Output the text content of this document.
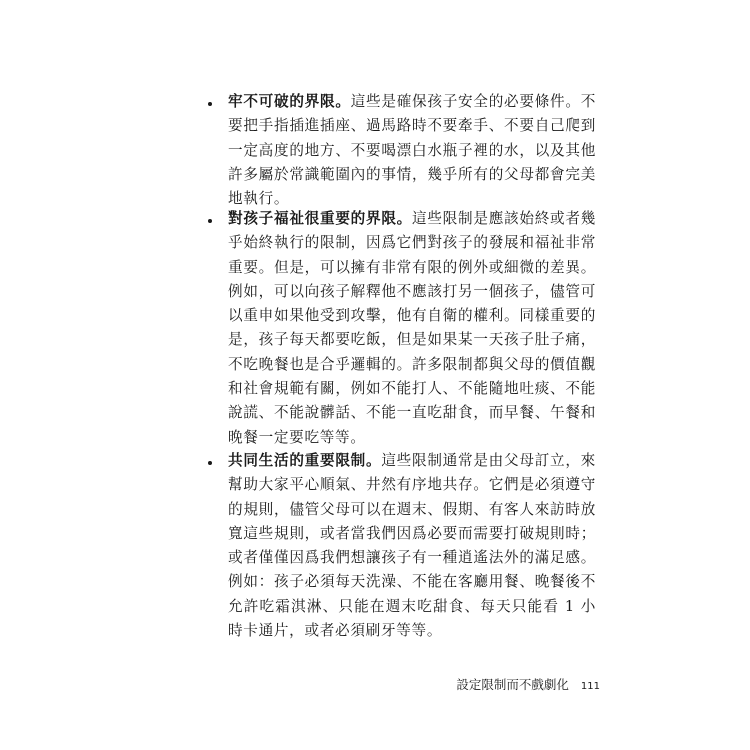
牢不可破的界限。這些是確保孩子安全的必要條件。不要把手指插進插座、過馬路時不要牽手、不要自己爬到一定高度的地方、不要喝漂白水瓶子裡的水，以及其他許多屬於常識範圍內的事情，幾乎所有的父母都會完美地執行。
對孩子福祉很重要的界限。這些限制是應該始終或者幾乎始終執行的限制，因爲它們對孩子的發展和福祉非常重要。但是，可以擁有非常有限的例外或細微的差異。例如，可以向孩子解釋他不應該打另一個孩子，儘管可以重申如果他受到攻擊，他有自衛的權利。同樣重要的是，孩子每天都要吃飯，但是如果某一天孩子肚子痛，不吃晚餐也是合乎邏輯的。許多限制都與父母的價值觀和社會規範有關，例如不能打人、不能隨地吐痰、不能說謊、不能說髒話、不能一直吃甜食，而早餐、午餐和晚餐一定要吃等等。
共同生活的重要限制。這些限制通常是由父母訂立，來幫助大家平心順氣、井然有序地共存。它們是必須遵守的規則，儘管父母可以在週末、假期、有客人來訪時放寬這些規則，或者當我們因爲必要而需要打破規則時；或者僅僅因爲我們想讓孩子有一種逍遙法外的滿足感。例如：孩子必須每天洗澡、不能在客廳用餐、晚餐後不允許吃霜淇淋、只能在週末吃甜食、每天只能看 1 小時卡通片，或者必須刷牙等等。
設定限制而不戲劇化 111
